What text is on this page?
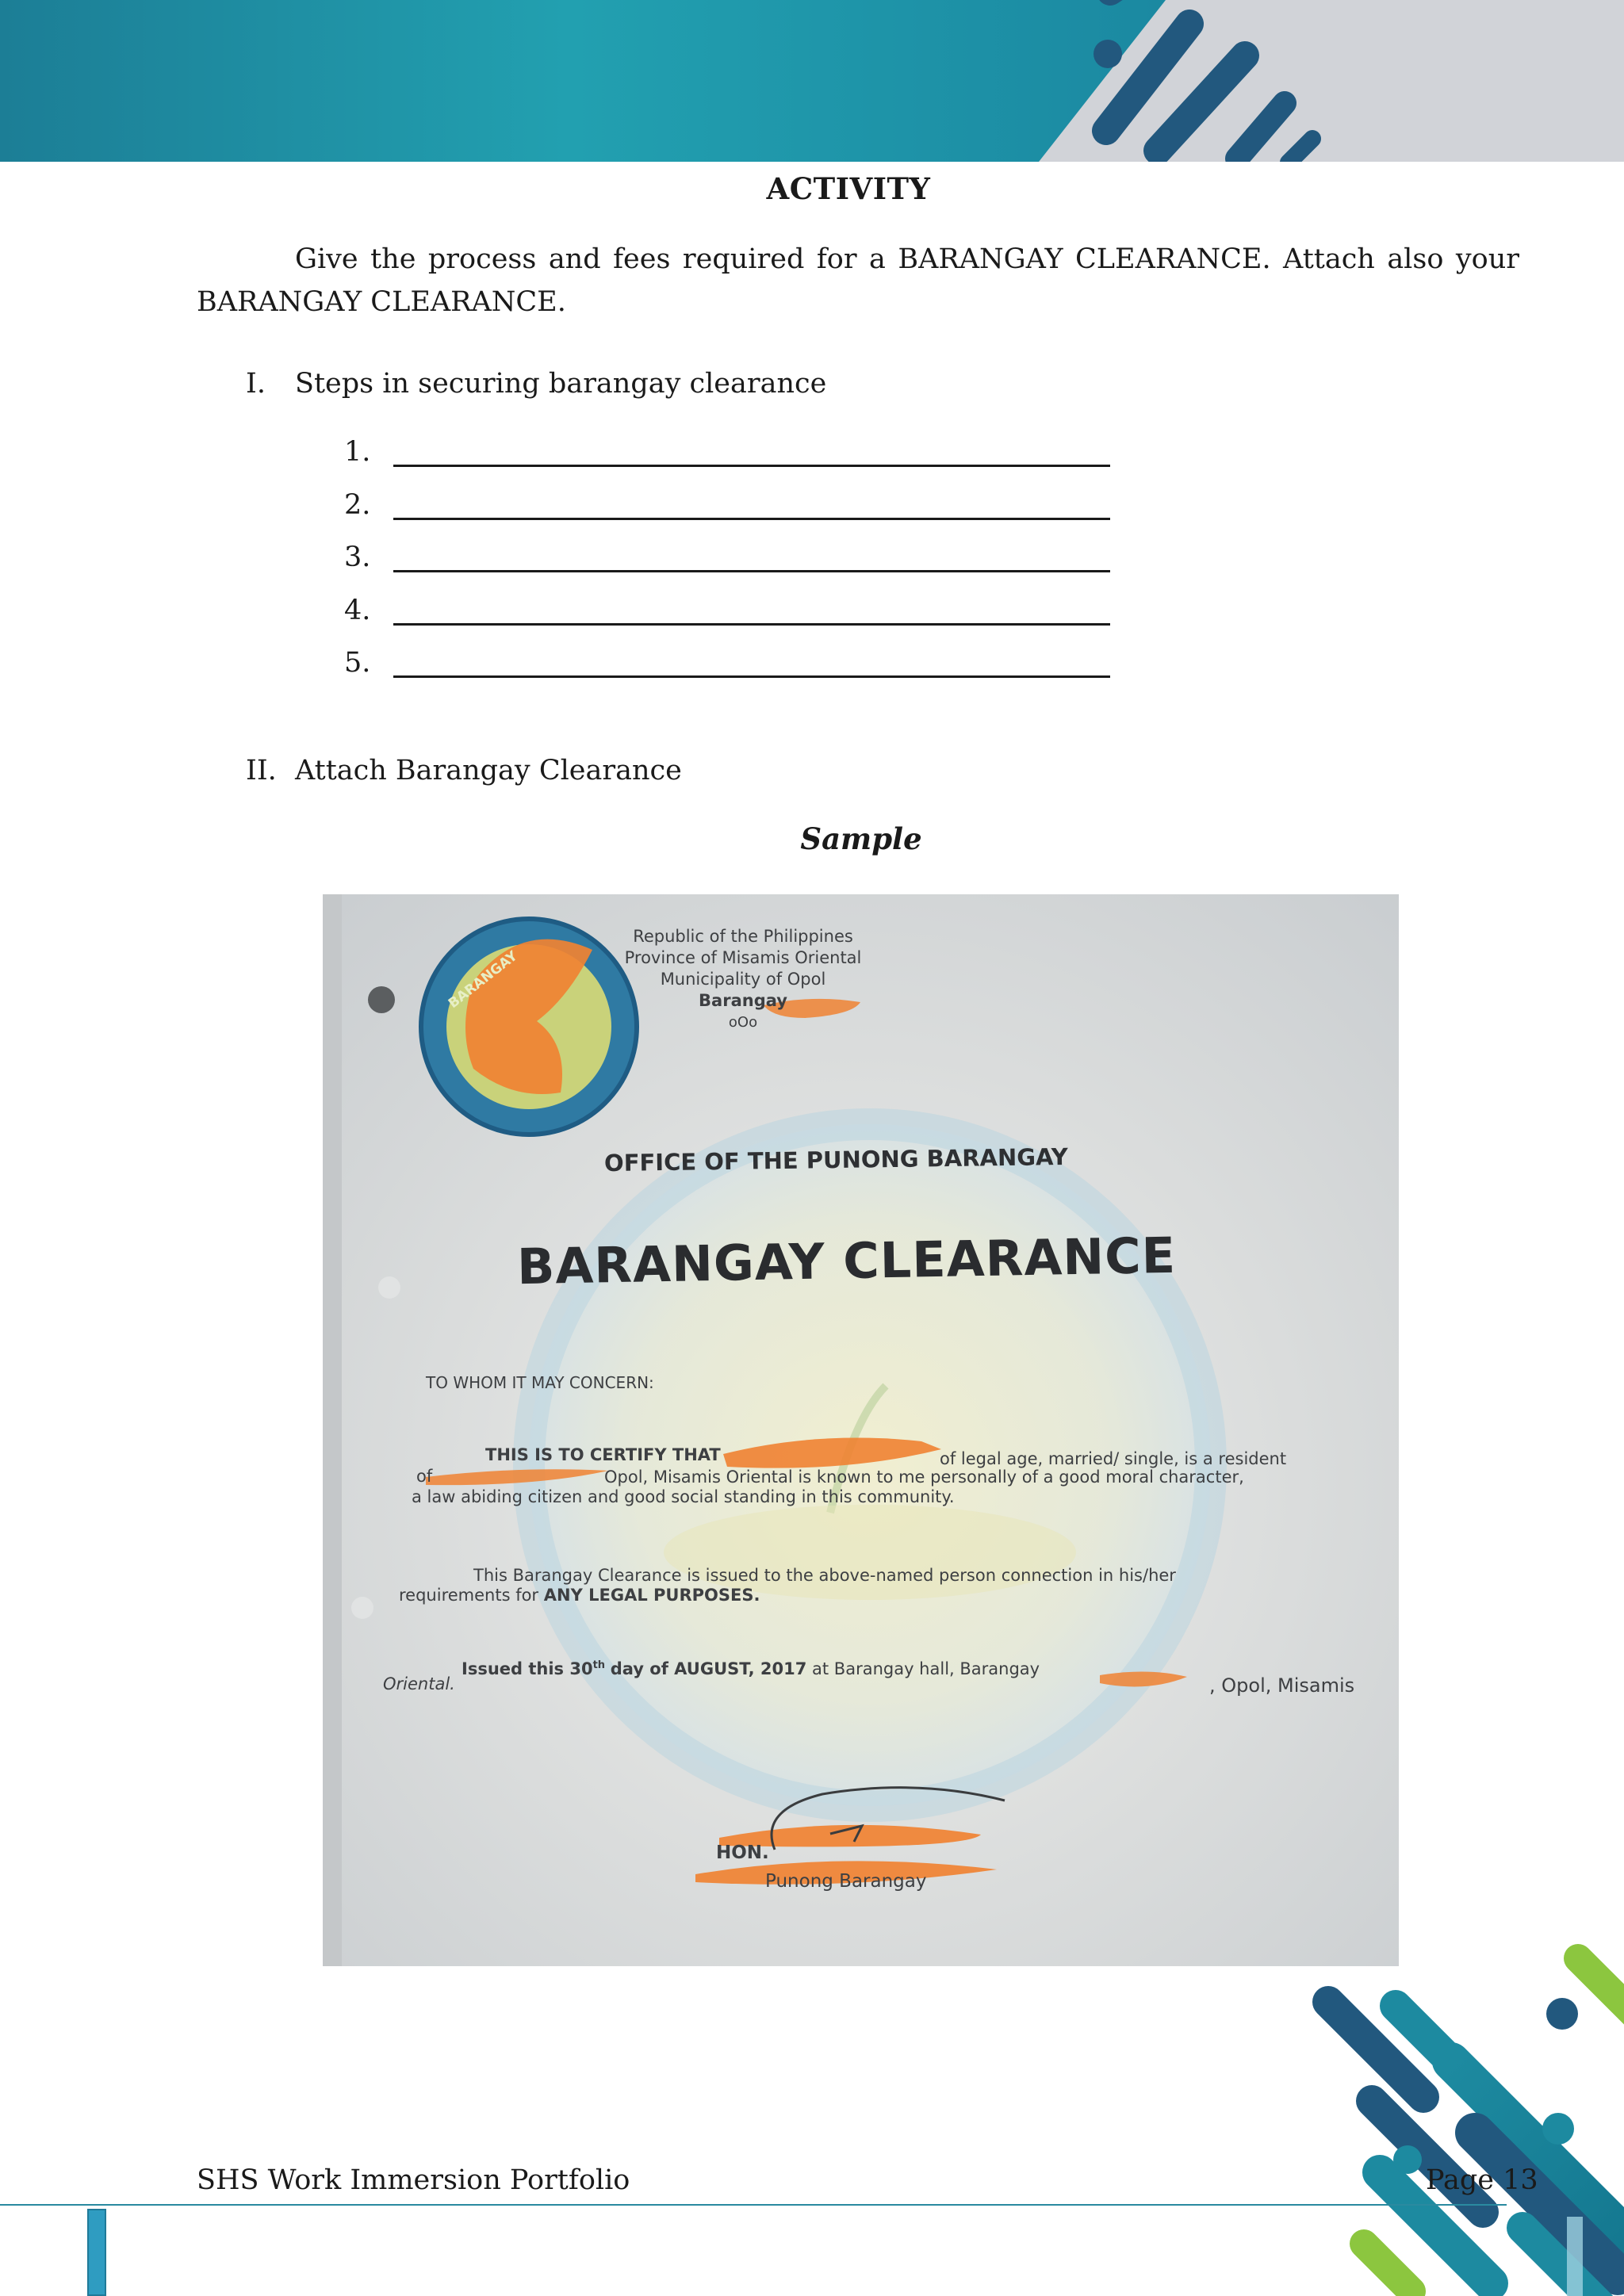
ACTIVITY
Give the process and fees required for a BARANGAY CLEARANCE. Attach also your BARANGAY CLEARANCE.
I. Steps in securing barangay clearance
1.
2.
3.
4.
5.
II. Attach Barangay Clearance
Sample
Republic of the Philippines
Province of Misamis Oriental
Municipality of Opol
Barangay
oOo
BARANGAY
OFFICE OF THE PUNONG BARANGAY
BARANGAY CLEARANCE
TO WHOM IT MAY CONCERN:
THIS IS TO CERTIFY THAT	of legal age, married/ single, is a resident
of	Opol, Misamis Oriental is known to me personally of a good moral character,
a law abiding citizen and good social standing in this community.
This Barangay Clearance is issued to the above-named person connection in his/her
requirements for ANY LEGAL PURPOSES.
Issued this 30th day of AUGUST, 2017 at Barangay hall, Barangay
, Opol, Misamis
Oriental.
HON.
Punong Barangay
SHS Work Immersion Portfolio	Page 13
